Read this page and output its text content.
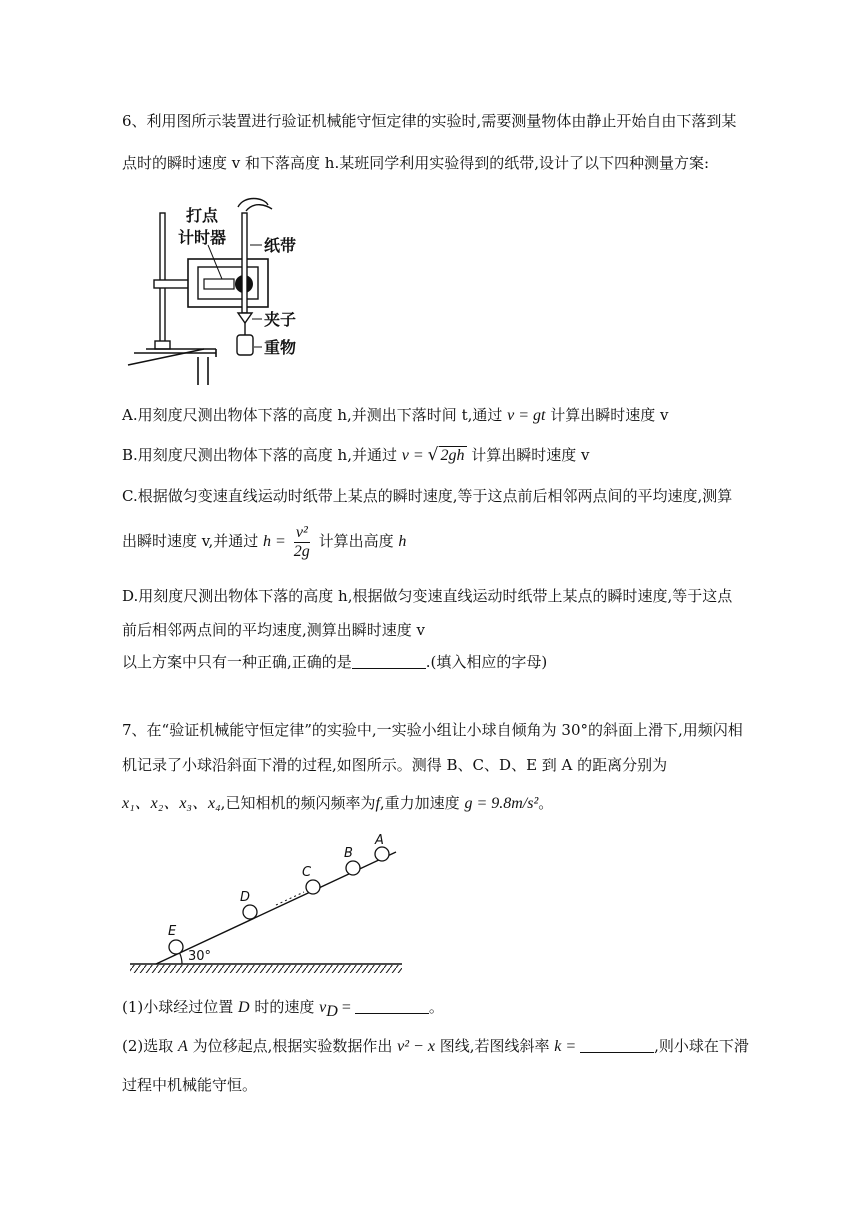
6、利用图所示装置进行验证机械能守恒定律的实验时,需要测量物体由静止开始自由下落到某
点时的瞬时速度 v 和下落高度 h.某班同学利用实验得到的纸带,设计了以下四种测量方案:
打点
计时器 纸带
夹子
重物
A.用刻度尺测出物体下落的高度 h,并测出下落时间 t,通过 v = gt 计算出瞬时速度 v
B.用刻度尺测出物体下落的高度 h,并通过 v = √ 2gh 计算出瞬时速度 v
C.根据做匀变速直线运动时纸带上某点的瞬时速度,等于这点前后相邻两点间的平均速度,测算
出瞬时速度 v,并通过 $h = \frac{\text{v²}}{2g}$ 计算出高度 h
D.用刻度尺测出物体下落的高度 h,根据做匀变速直线运动时纸带上某点的瞬时速度,等于这点
前后相邻两点间的平均速度,测算出瞬时速度 v
以上方案中只有一种正确,正确的是	.(填入相应的字母)
7、在“验证机械能守恒定律”的实验中,一实验小组让小球自倾角为 30°的斜面上滑下,用频闪相
机记录了小球沿斜面下滑的过程,如图所示。测得 B、C、D、E 到 A 的距离分别为
x₁、x₂、x₃、x₄,已知相机的频闪频率为f,重力加速度 g = 9.8m/s²。
E
D
C
B
A
30°
(1)小球经过位置 D 时的速度 $v_D$ =	。
(2)选取 A 为位移起点,根据实验数据作出 v² − x 图线,若图线斜率 k =	,则小球在下滑
过程中机械能守恒。
